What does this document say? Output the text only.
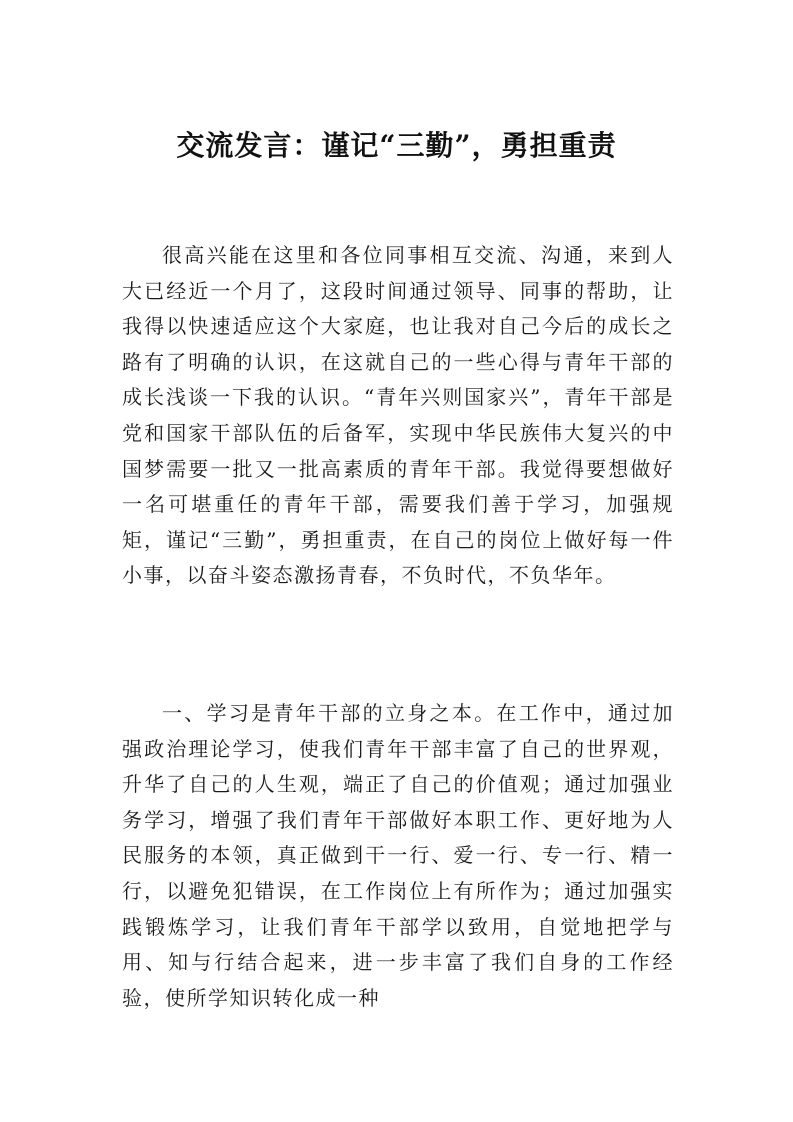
交流发言：谨记“三勤”，勇担重责

很高兴能在这里和各位同事相互交流、沟通，来到人大已经近一个月了，这段时间通过领导、同事的帮助，让我得以快速适应这个大家庭，也让我对自己今后的成长之路有了明确的认识，在这就自己的一些心得与青年干部的成长浅谈一下我的认识。“青年兴则国家兴”，青年干部是党和国家干部队伍的后备军，实现中华民族伟大复兴的中国梦需要一批又一批高素质的青年干部。我觉得要想做好一名可堪重任的青年干部，需要我们善于学习，加强规矩，谨记“三勤”，勇担重责，在自己的岗位上做好每一件小事，以奋斗姿态激扬青春，不负时代，不负华年。

一、学习是青年干部的立身之本。在工作中，通过加强政治理论学习，使我们青年干部丰富了自己的世界观，升华了自己的人生观，端正了自己的价值观；通过加强业务学习，增强了我们青年干部做好本职工作、更好地为人民服务的本领，真正做到干一行、爱一行、专一行、精一行，以避免犯错误，在工作岗位上有所作为；通过加强实践锻炼学习，让我们青年干部学以致用，自觉地把学与用、知与行结合起来，进一步丰富了我们自身的工作经验，使所学知识转化成一种
